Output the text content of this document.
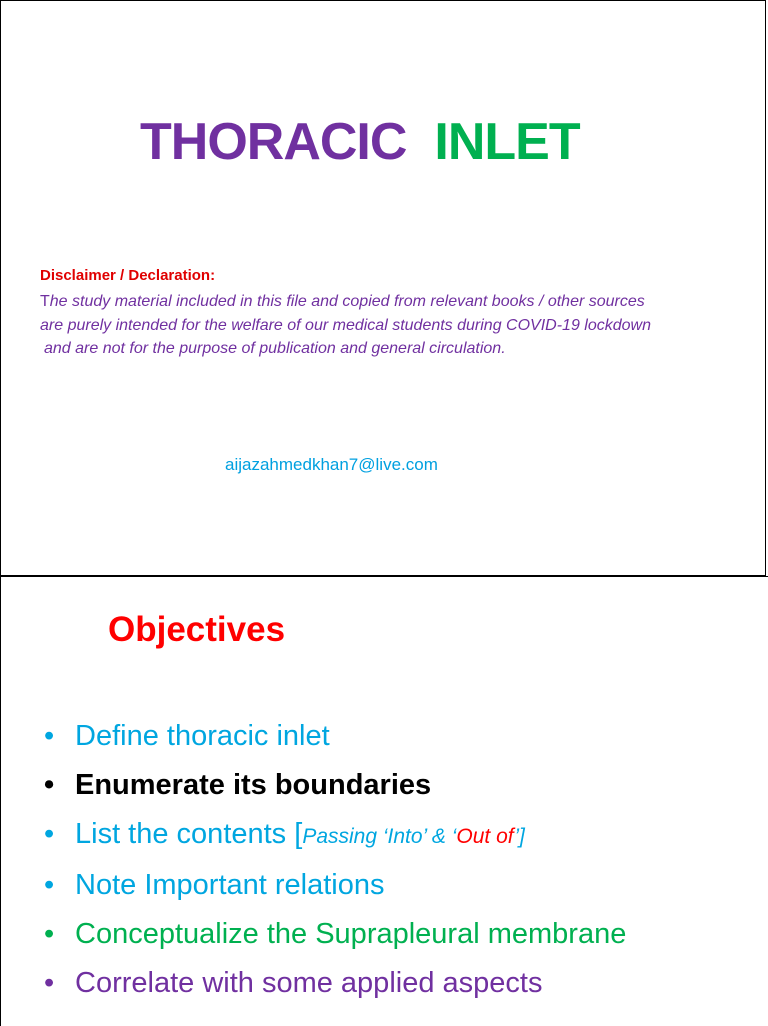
THORACIC INLET
Disclaimer / Declaration:
The study material included in this file and copied from relevant books / other sources
are purely intended for the welfare of our medical students during COVID-19 lockdown
and are not for the purpose of publication and general circulation.
aijazahmedkhan7@live.com
Objectives
• Define thoracic inlet
• Enumerate its boundaries
• List the contents [Passing ‘Into’ & ‘Out of’]
• Note Important relations
• Conceptualize the Suprapleural membrane
• Correlate with some applied aspects
